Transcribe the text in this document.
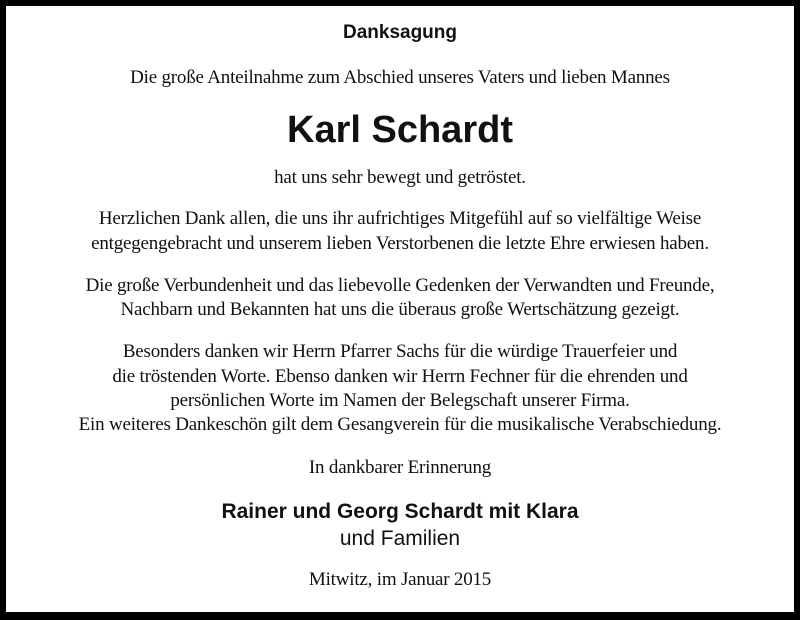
Danksagung
Die große Anteilnahme zum Abschied unseres Vaters und lieben Mannes
Karl Schardt
hat uns sehr bewegt und getröstet.
Herzlichen Dank allen, die uns ihr aufrichtiges Mitgefühl auf so vielfältige Weise
entgegengebracht und unserem lieben Verstorbenen die letzte Ehre erwiesen haben.
Die große Verbundenheit und das liebevolle Gedenken der Verwandten und Freunde,
Nachbarn und Bekannten hat uns die überaus große Wertschätzung gezeigt.
Besonders danken wir Herrn Pfarrer Sachs für die würdige Trauerfeier und
die tröstenden Worte. Ebenso danken wir Herrn Fechner für die ehrenden und
persönlichen Worte im Namen der Belegschaft unserer Firma.
Ein weiteres Dankeschön gilt dem Gesangverein für die musikalische Verabschiedung.
In dankbarer Erinnerung
Rainer und Georg Schardt mit Klara
und Familien
Mitwitz, im Januar 2015
